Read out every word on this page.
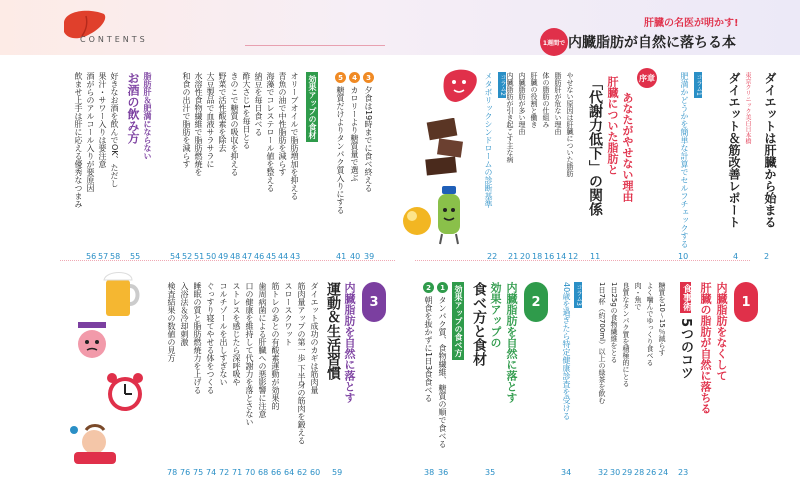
CONTENTS
肝臓の名医が明かす!
1週間で 内臓脂肪が自然に落ちる本
ダイエットは肝臓から始まる
2
東京クリニック美白日本橋
ダイエット＆筋改善レポート
4
コラム1
肥満かどうかを簡単な計算でセルフチェックする
10
序章
あなたがやせない理由
肝臓についた脂肪と
「代謝力低下」の関係
11
やせない原因は肝臓についた脂肪
12
脂肪肝が危ない理由
14
体の脂肪の仕組み
16
肝臓の役割と働き
18
内臓脂肪が多い理由
20
内臓脂肪が引き起こす主な病
21
コラム2
メタボリックシンドロームの診断基準
22
3
夕食は19時までに食べ終える
39
4
カロリーより糖質量で選ぶ
40
5
糖質だけよりタンパク質入りにする
41
効果アップの食材
オリーブオイルで脂肪増加を抑える
43
青魚の油で中性脂肪を減らす
44
海藻でコレステロール値を整える
45
納豆を毎日食べる
46
酢大さじ1を毎日とる
47
きのこで糖質の吸収を抑える
48
野菜で活性酸素を除去
49
大豆製品で血液サラサラに
50
水溶性食物繊維で脂肪燃焼を
51
和食の出汁で脂肪を減らす
52
54
脂肪肝＆肥満にならない
お酒の飲み方
55
好きなお酒を飲んでOK、ただし
果汁・サワー入りは要注意
酒がらのアルコール入りが要原因
飲ませ上手は肝に応える優秀なつまみ
58
57
56
1
内臓脂肪をなくして
肝臓の脂肪が自然に落ちる
食事術
5つのコツ
23
糖質を10〜15％減らす
24
よく噛んでゆっくり食べる
26
肉・魚で
28
良質なタンパク質を積極的にとる
29
1日25gの食物繊維をとる
30
1日7杯（約700ml）以上の緑茶を飲む
32
コラム3
40歳を過ぎたら特定健康診査を受ける
34
2
内臓脂肪を自然に落とす
効果アップの
食べ方と食材
35
効果アップの食べ方
1
タンパク質、食物繊維、糖質の順で食べる
36
2
朝食を抜かずに1日3食食べる
38
3
内臓脂肪を自然に落とす
運動＆生活習慣
59
ダイエット成功のカギは筋肉量
60
筋肉量アップの第一歩 下半身の筋肉を鍛える
62
スロースクワット
64
筋トレのあとの有酸素運動が効果的
66
歯周病菌による肝臓への悪影響に注意
68
口の健康を維持して代謝力を落とさない
70
ストレスを感じたら深呼吸や
71
コルチゾールを出しすぎない
72
ぐっすり寝てやせる体をつくる
74
睡眠の質と脂肪燃焼力を上げる
75
入浴法＆冷却刺激
76
検査結果の数値の見方
78
